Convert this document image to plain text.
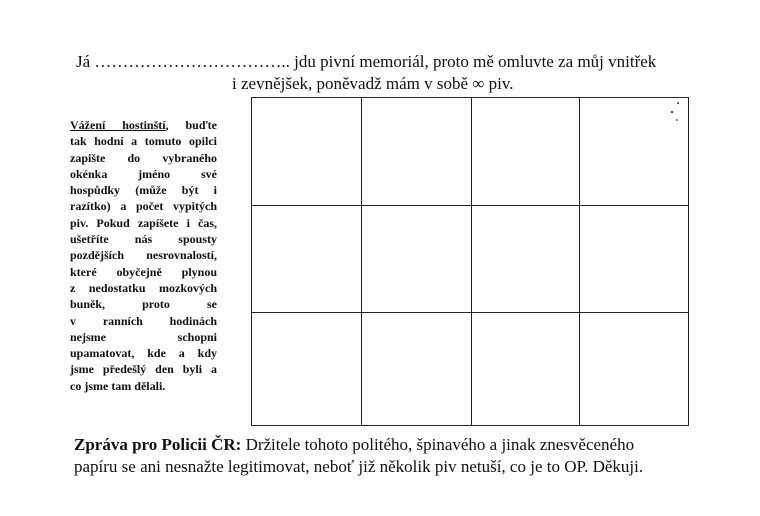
Já …………………………….. jdu pivní memoriál, proto mě omluvte za můj vnitřek
i zevnějšek, poněvadž mám v sobě ∞ piv.
Vážení hostinští, buďte
tak hodní a tomuto opilci
zapište do vybraného
okénka jméno své
hospůdky (může být i
razítko) a počet vypitých
piv. Pokud zapíšete i čas,
ušetříte nás spousty
pozdějších nesrovnalostí,
které obyčejně plynou
z nedostatku mozkových
buněk, proto se
v ranních hodinách
nejsme schopni
upamatovat, kde a kdy
jsme předešlý den byli a
co jsme tam dělali.
Zpráva pro Policii ČR: Držitele tohoto politého, špinavého a jinak znesvěceného
papíru se ani nesnažte legitimovat, neboť již několik piv netuší, co je to OP. Děkuji.
